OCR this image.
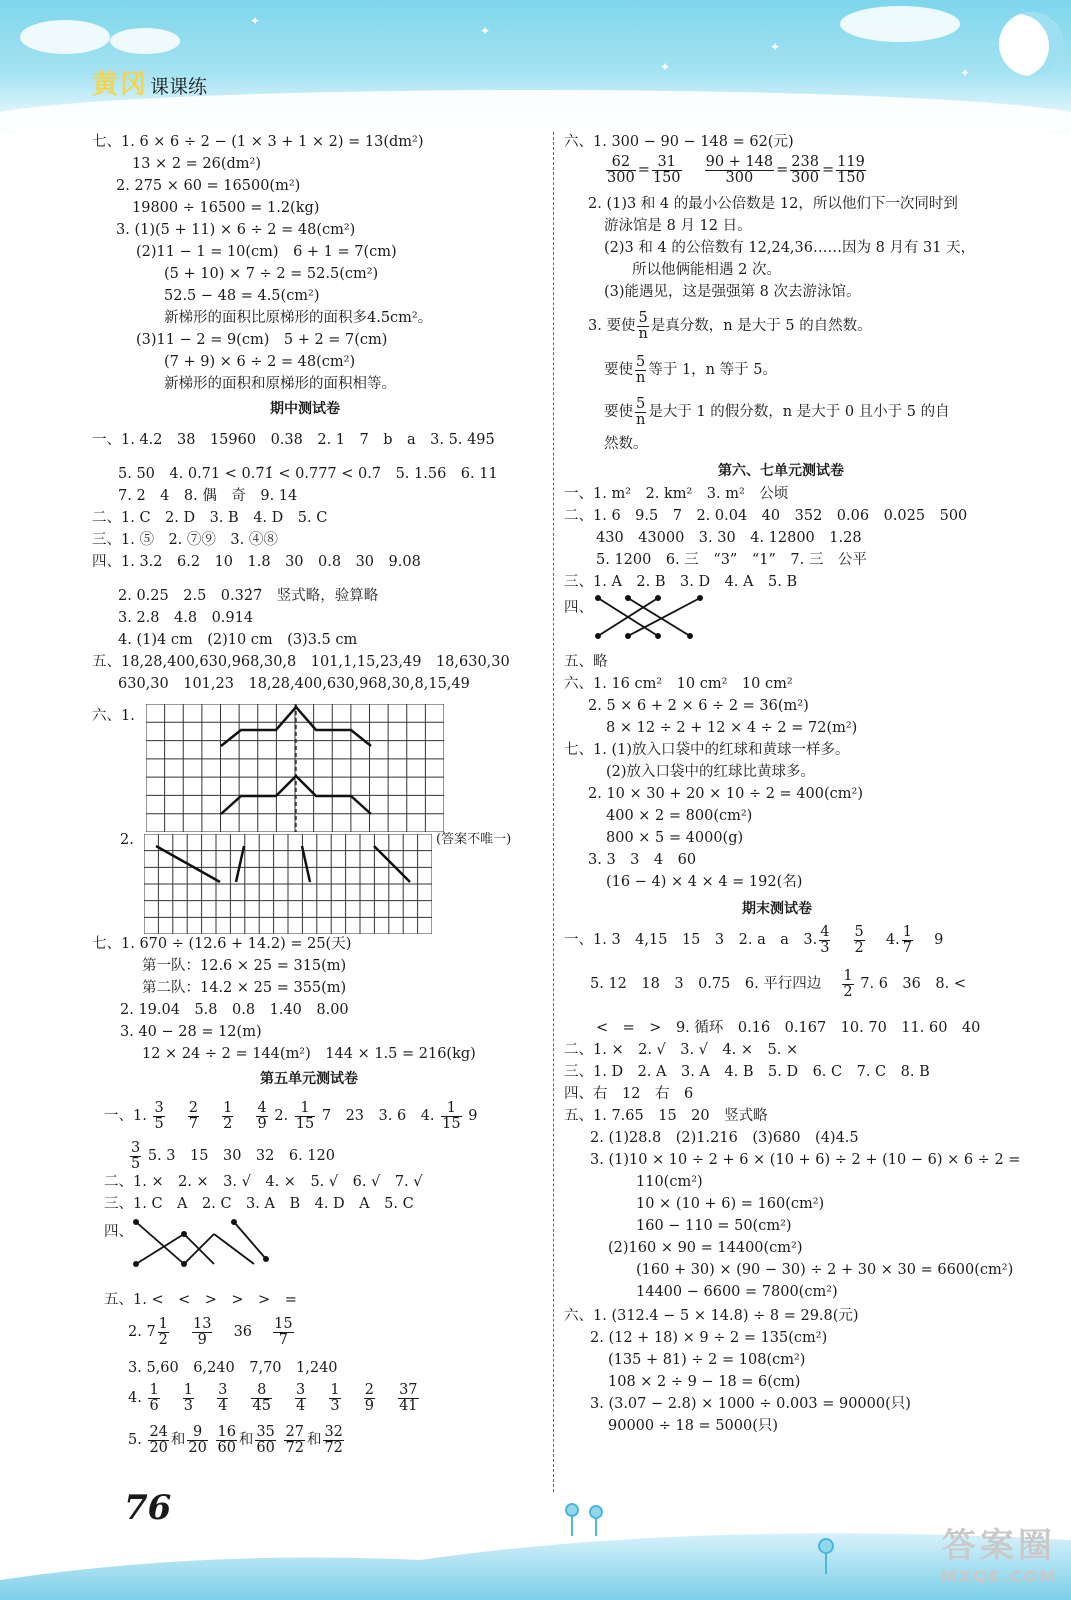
✦
✦
✦
✦
✦
黄冈 课课练
七、1. 6 × 6 ÷ 2 − (1 × 3 + 1 × 2) = 13(dm²)
13 × 2 = 26(dm²)
2. 275 × 60 = 16500(m²)
19800 ÷ 16500 = 1.2(kg)
3. (1)(5 + 11) × 6 ÷ 2 = 48(cm²)
(2)11 − 1 = 10(cm)　6 + 1 = 7(cm)
(5 + 10) × 7 ÷ 2 = 52.5(cm²)
52.5 − 48 = 4.5(cm²)
新梯形的面积比原梯形的面积多4.5cm²。
(3)11 − 2 = 9(cm)　5 + 2 = 7(cm)
(7 + 9) × 6 ÷ 2 = 48(cm²)
新梯形的面积和原梯形的面积相等。
期中测试卷
一、1. 4.2　38　15960　0.38　2. 1　7　b　a　3. 5. 4̇95̇
5. 50　4. 0.71 < 0.7̇1̇ < 0.777 < 0.7̇　5. 1.56　6. 11
7. 2　4　8. 偶　奇　9. 14
二、1. C　2. D　3. B　4. D　5. C
三、1. ⑤　2. ⑦⑨　3. ④⑧
四、1. 3.2　6.2　10　1.8　30　0.8　30　9.08
2. 0.25　2.5　0.32̇7̇　竖式略，验算略
3. 2.8　4.8　0.914
4. (1)4 cm　(2)10 cm　(3)3.5 cm
五、18,28,400,630,968,30,8　101,1,15,23,49　18,630,30
630,30　101,23　18,28,400,630,968,30,8,15,49
六、1.
2.	(答案不唯一)
七、1. 670 ÷ (12.6 + 14.2) = 25(天)
第一队：12.6 × 25 = 315(m)
第二队：14.2 × 25 = 355(m)
2. 19.04　5.8　0.8　1.40　8.00
3. 40 − 28 = 12(m)
12 × 24 ÷ 2 = 144(m²)　144 × 1.5 = 216(kg)
第五单元测试卷
一、1. $\frac{3}{5}$
　 $\frac{2}{7}$
　 $\frac{1}{2}$
　 $\frac{4}{9} 2$. $\frac{1}{15} 7$　23　3. 6　4. $\frac{1}{15} 9$
$\frac{3}{5} 5$. 3　15　30　32　6. 120
二、1. ×　2. ×　3. √　4. ×　5. √　6. √　7. √
三、1. C　A　2. C　3. A　B　4. D　A　5. C
四、
五、1. <　<　>　>　>　=
2. $7 \frac{1}{2}$
　 $\frac{13}{9}$
　 36　 $\frac{15}{7}$
3. 5,60　6,240　7,70　1,240
4. $\frac{1}{6}$
　 $\frac{1}{3}$
　 $\frac{3}{4}$
　 $\frac{8}{45}$
　 $\frac{3}{4}$
　 $\frac{1}{3}$
　 $\frac{2}{9}$
　 $\frac{37}{41}$
5. $\frac{24}{20}$ 和 $\frac{9}{20}$
$\frac{16}{60}$ 和 $\frac{35}{60}$
$\frac{27}{72}$ 和 $\frac{32}{72}$
六、1. 300 − 90 − 148 = 62(元)
$\frac{62}{300} = \frac{31}{150}$
　 $\frac{90 + 148}{300} = \frac{238}{300} = \frac{119}{150}$
2. (1)3 和 4 的最小公倍数是 12，所以他们下一次同时到
游泳馆是 8 月 12 日。
(2)3 和 4 的公倍数有 12,24,36……因为 8 月有 31 天，
所以他俩能相遇 2 次。
(3)能遇见，这是强强第 8 次去游泳馆。
3. 要使 $\frac{5}{n}$ 是真分数，n 是大于 5 的自然数。
要使 $\frac{5}{n}$ 等于 1，n 等于 5。
要使 $\frac{5}{n}$ 是大于 1 的假分数，n 是大于 0 且小于 5 的自
然数。
第六、七单元测试卷
一、1. m²　2. km²　3. m²　公顷
二、1. 6　9.5　7　2. 0.04　40　352　0.06　0.025　500
430　43000　3. 30　4. 12800　1.28
5. 1200　6. 三　“3”　“1”　7. 三　公平
三、1. A　2. B　3. D　4. A　5. B
四、
五、略
六、1. 16 cm²　10 cm²　10 cm²
2. 5 × 6 + 2 × 6 ÷ 2 = 36(m²)
8 × 12 ÷ 2 + 12 × 4 ÷ 2 = 72(m²)
七、1. (1)放入口袋中的红球和黄球一样多。
(2)放入口袋中的红球比黄球多。
2. 10 × 30 + 20 × 10 ÷ 2 = 400(cm²)
400 × 2 = 800(cm²)
800 × 5 = 4000(g)
3. 3　3　4　60
(16 − 4) × 4 × 4 = 192(名)
期末测试卷
一、1. 3　4,15　15　3　2. a　a　3. $\frac{4}{3}$
　 $\frac{5}{2}$
　 4. $\frac{1}{7}$
　 9
5. 12　18　3　0.75　6. 平行四边　 $\frac{1}{2} 7$. 6　36　8. <
<　=　>　9. 循环　0.16̇　0.167　10. 70　11. 60　40
二、1. ×　2. √　3. √　4. ×　5. ×
三、1. D　2. A　3. A　4. B　5. D　6. C　7. C　8. B
四、右　12　右　6
五、1. 7.65　15　20　竖式略
2. (1)28.8　(2)1.216　(3)680　(4)4.5
3. (1)10 × 10 ÷ 2 + 6 × (10 + 6) ÷ 2 + (10 − 6) × 6 ÷ 2 =
110(cm²)
10 × (10 + 6) = 160(cm²)
160 − 110 = 50(cm²)
(2)160 × 90 = 14400(cm²)
(160 + 30) × (90 − 30) ÷ 2 + 30 × 30 = 6600(cm²)
14400 − 6600 = 7800(cm²)
六、1. (312.4 − 5 × 14.8) ÷ 8 = 29.8(元)
2. (12 + 18) × 9 ÷ 2 = 135(cm²)
(135 + 81) ÷ 2 = 108(cm²)
108 × 2 ÷ 9 − 18 = 6(cm)
3. (3.07 − 2.8) × 1000 ÷ 0.003 = 90000(只)
90000 ÷ 18 = 5000(只)
76
答案圈
MXQE.COM
